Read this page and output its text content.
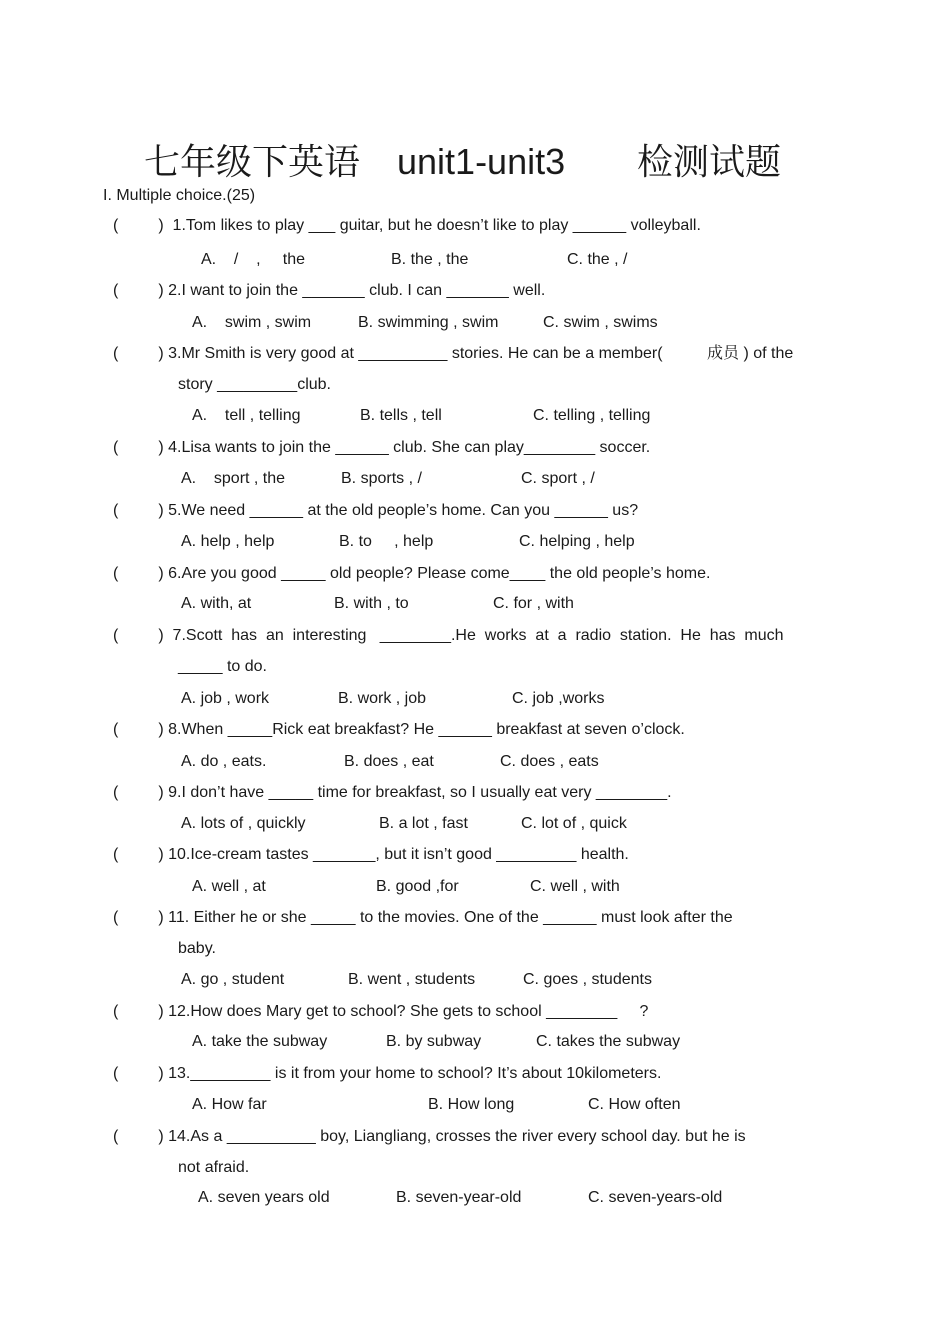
七年级下英语 unit1-unit3 检测试题
I. Multiple choice.(25)
(         )  1.Tom likes to play ___ guitar, but he doesn’t like to play ______ volleyball.
A.    /    ,     the	B. the , the	C. the , /
(         ) 2.I want to join the _______ club. I can _______ well.
A.    swim , swim	B. swimming , swim	C. swim , swims
(         ) 3.Mr Smith is very good at __________ stories. He can be a member(          成员 ) of the
story _________club.
A.    tell , telling	B. tells , tell	C. telling , telling
(         ) 4.Lisa wants to join the ______ club. She can play________ soccer.
A.    sport , the	B. sports , /	C. sport , /
(         ) 5.We need ______ at the old people’s home. Can you ______ us?
A. help , help	B. to     , help	C. helping , help
(         ) 6.Are you good _____ old people? Please come____ the old people’s home.
A. with, at	B. with , to	C. for , with
(         )  7.Scott  has  an  interesting   ________.He  works  at  a  radio  station.  He  has  much
_____ to do.
A. job , work	B. work , job	C. job ,works
(         ) 8.When _____Rick eat breakfast? He ______ breakfast at seven o’clock.
A. do , eats.	B. does , eat	C. does , eats
(         ) 9.I don’t have _____ time for breakfast, so I usually eat very ________.
A. lots of , quickly	B. a lot , fast	C. lot of , quick
(         ) 10.Ice-cream tastes _______, but it isn’t good _________ health.
A. well , at	B. good ,for	C. well , with
(         ) 11. Either he or she _____ to the movies. One of the ______ must look after the
baby.
A. go , student	B. went , students	C. goes , students
(         ) 12.How does Mary get to school? She gets to school ________     ?
A. take the subway	B. by subway	C. takes the subway
(         ) 13._________ is it from your home to school? It’s about 10kilometers.
A. How far	B. How long	C. How often
(         ) 14.As a __________ boy, Liangliang, crosses the river every school day. but he is
not afraid.
A. seven years old	B. seven-year-old	C. seven-years-old
